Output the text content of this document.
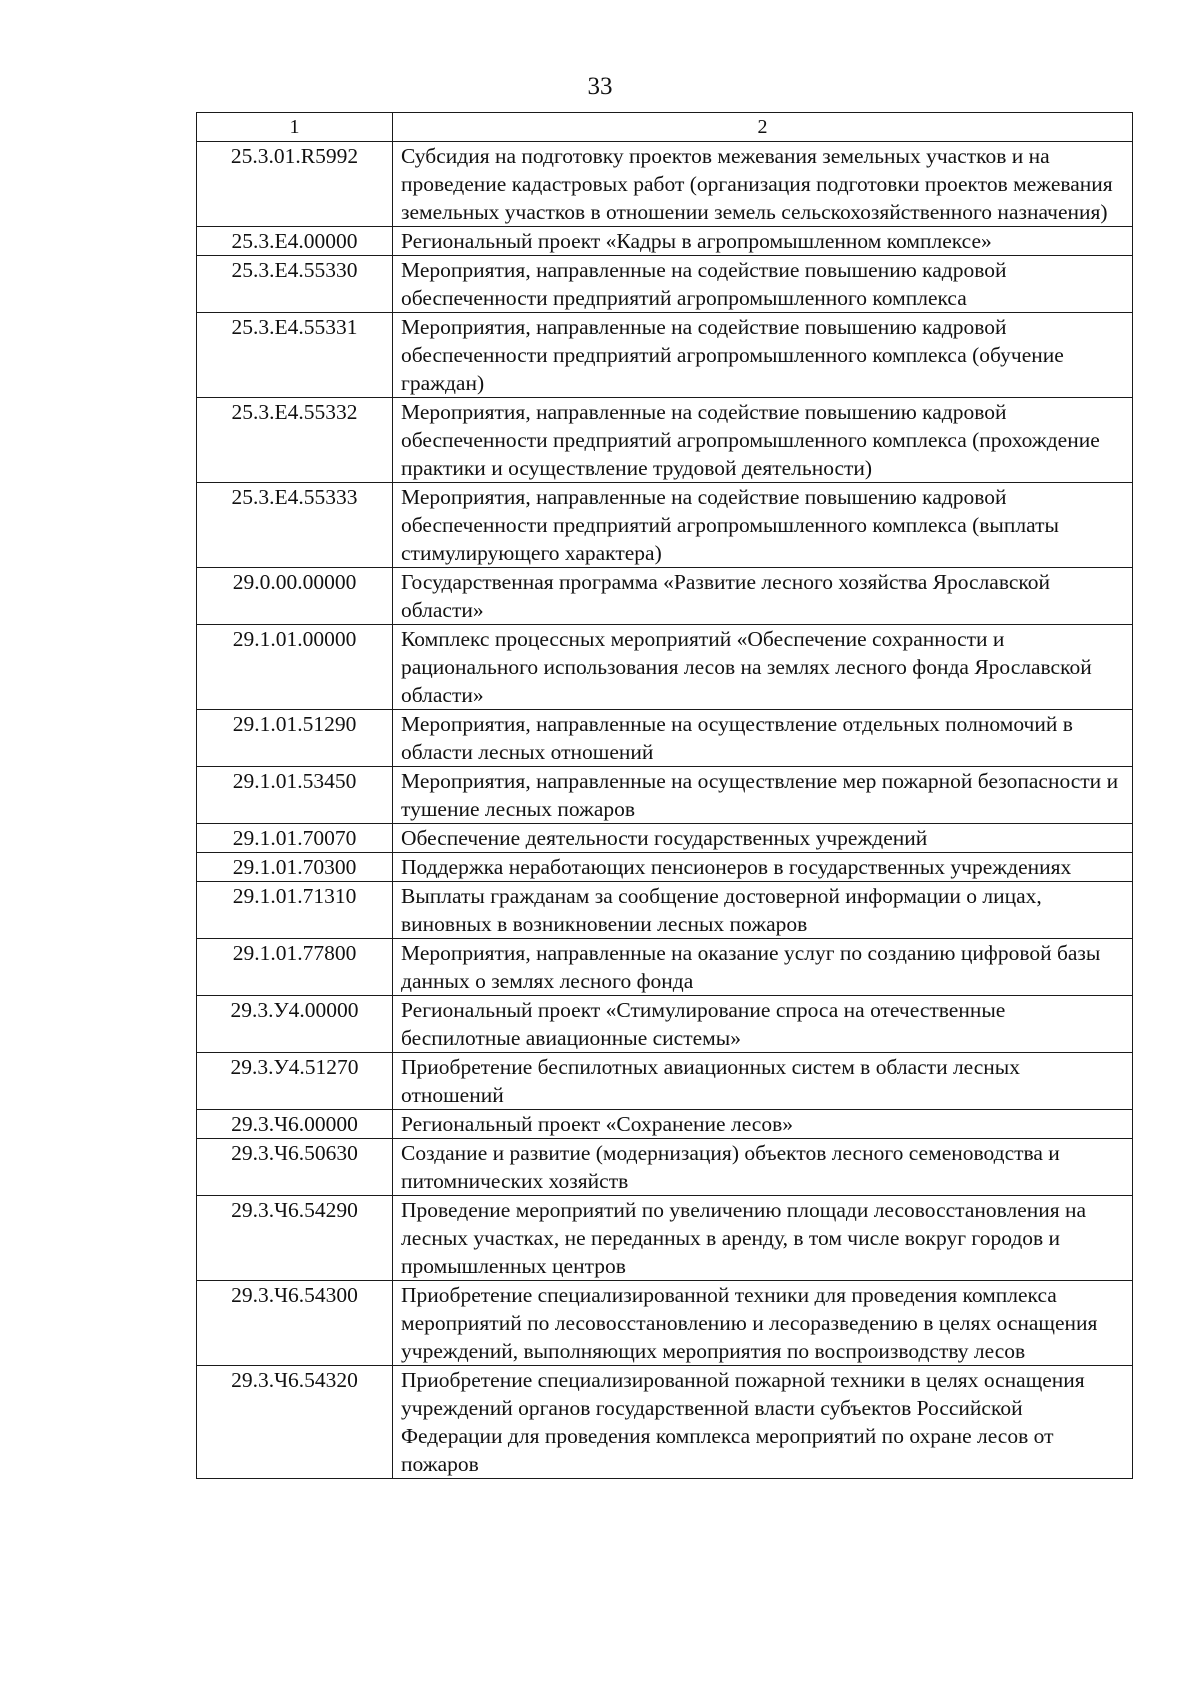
33
1	2
25.3.01.R5992	Субсидия на подготовку проектов межевания земельных участков и на проведение кадастровых работ (организация подготовки проектов межевания земельных участков в отношении земель сельскохозяйственного назначения)
25.3.Е4.00000	Региональный проект «Кадры в агропромышленном комплексе»
25.3.Е4.55330	Мероприятия, направленные на содействие повышению кадровой обеспеченности предприятий агропромышленного комплекса
25.3.Е4.55331	Мероприятия, направленные на содействие повышению кадровой обеспеченности предприятий агропромышленного комплекса (обучение граждан)
25.3.Е4.55332	Мероприятия, направленные на содействие повышению кадровой обеспеченности предприятий агропромышленного комплекса (прохождение практики и осуществление трудовой деятельности)
25.3.Е4.55333	Мероприятия, направленные на содействие повышению кадровой обеспеченности предприятий агропромышленного комплекса (выплаты стимулирующего характера)
29.0.00.00000	Государственная программа «Развитие лесного хозяйства Ярославской области»
29.1.01.00000	Комплекс процессных мероприятий «Обеспечение сохранности и рационального использования лесов на землях лесного фонда Ярославской области»
29.1.01.51290	Мероприятия, направленные на осуществление отдельных полномочий в области лесных отношений
29.1.01.53450	Мероприятия, направленные на осуществление мер пожарной безопасности и тушение лесных пожаров
29.1.01.70070	Обеспечение деятельности государственных учреждений
29.1.01.70300	Поддержка неработающих пенсионеров в государственных учреждениях
29.1.01.71310	Выплаты гражданам за сообщение достоверной информации о лицах, виновных в возникновении лесных пожаров
29.1.01.77800	Мероприятия, направленные на оказание услуг по созданию цифровой базы данных о землях лесного фонда
29.3.У4.00000	Региональный проект «Стимулирование спроса на отечественные беспилотные авиационные системы»
29.3.У4.51270	Приобретение беспилотных авиационных систем в области лесных отношений
29.3.Ч6.00000	Региональный проект «Сохранение лесов»
29.3.Ч6.50630	Создание и развитие (модернизация) объектов лесного семеноводства и питомнических хозяйств
29.3.Ч6.54290	Проведение мероприятий по увеличению площади лесовосстановления на лесных участках, не переданных в аренду, в том числе вокруг городов и промышленных центров
29.3.Ч6.54300	Приобретение специализированной техники для проведения комплекса мероприятий по лесовосстановлению и лесоразведению в целях оснащения учреждений, выполняющих мероприятия по воспроизводству лесов
29.3.Ч6.54320	Приобретение специализированной пожарной техники в целях оснащения учреждений органов государственной власти субъектов Российской Федерации для проведения комплекса мероприятий по охране лесов от пожаров
